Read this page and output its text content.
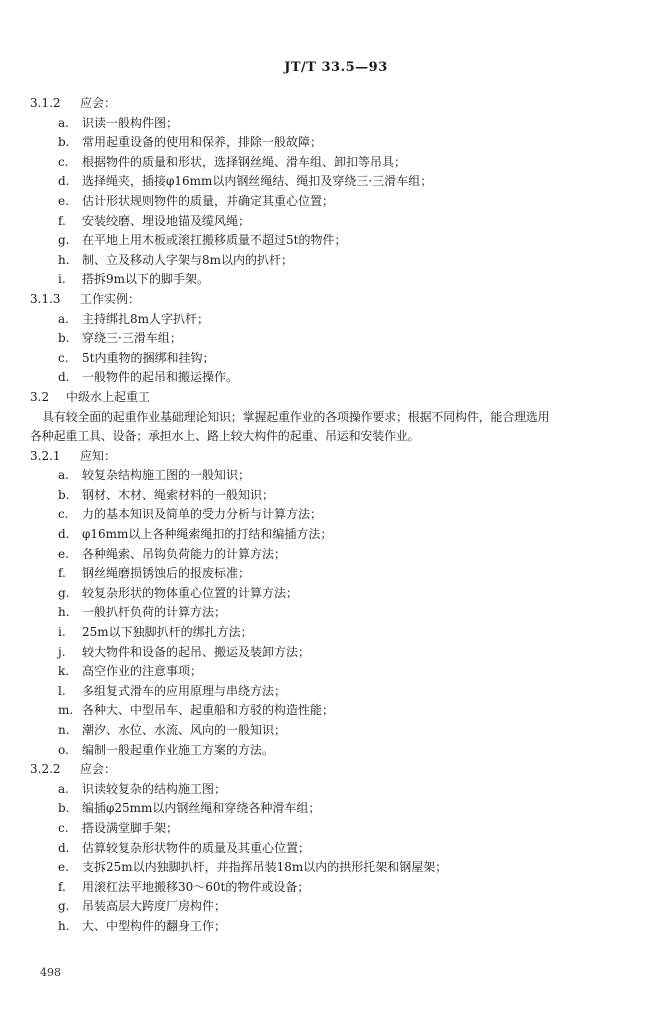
JT/T 33.5—93
3.1.2 应会：
a. 识读一般构件图；
b. 常用起重设备的使用和保养，排除一般故障；
c. 根据物件的质量和形状，选择钢丝绳、滑车组、卸扣等吊具；
d. 选择绳夹，插接φ16mm以内钢丝绳结、绳扣及穿绕三·三滑车组；
e. 估计形状规则物件的质量，并确定其重心位置；
f. 安装绞磨、埋设地锚及缆风绳；
g. 在平地上用木板或滚扛搬移质量不超过5t的物件；
h. 制、立及移动人字架与8m以内的扒杆；
i. 搭拆9m以下的脚手架。
3.1.3 工作实例：
a. 主持绑扎8m人字扒杆；
b. 穿绕三·三滑车组；
c. 5t内重物的捆绑和挂钩；
d. 一般物件的起吊和搬运操作。
3.2 中级水上起重工
具有较全面的起重作业基础理论知识；掌握起重作业的各项操作要求；根据不同构件，能合理选用
各种起重工具、设备；承担水上、路上较大构件的起重、吊运和安装作业。
3.2.1 应知：
a. 较复杂结构施工图的一般知识；
b. 钢材、木材、绳索材料的一般知识；
c. 力的基本知识及简单的受力分析与计算方法；
d. φ16mm以上各种绳索绳扣的打结和编插方法；
e. 各种绳索、吊钩负荷能力的计算方法；
f. 钢丝绳磨损锈蚀后的报废标准；
g. 较复杂形状的物体重心位置的计算方法；
h. 一般扒杆负荷的计算方法；
i. 25m以下独脚扒杆的绑扎方法；
j. 较大物件和设备的起吊、搬运及装卸方法；
k. 高空作业的注意事项；
l. 多组复式滑车的应用原理与串绕方法；
m. 各种大、中型吊车、起重船和方驳的构造性能；
n. 潮汐、水位、水流、风向的一般知识；
o. 编制一般起重作业施工方案的方法。
3.2.2 应会：
a. 识读较复杂的结构施工图；
b. 编插φ25mm以内钢丝绳和穿绕各种滑车组；
c. 搭设满堂脚手架；
d. 估算较复杂形状物件的质量及其重心位置；
e. 支拆25m以内独脚扒杆，并指挥吊装18m以内的拱形托架和钢屋架；
f. 用滚杠法平地搬移30～60t的物件或设备；
g. 吊装高层大跨度厂房构件；
h. 大、中型构件的翻身工作；
498
